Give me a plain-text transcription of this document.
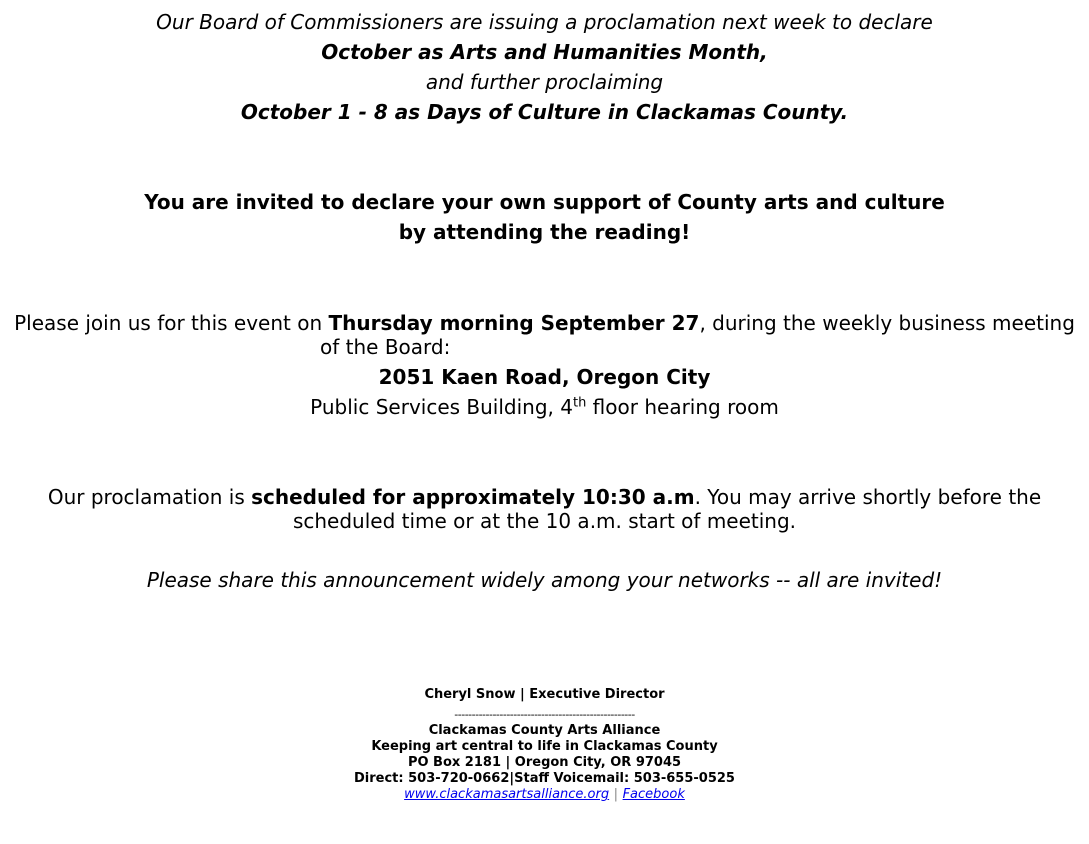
Our Board of Commissioners are issuing a proclamation next week to declare
October as Arts and Humanities Month,
and further proclaiming
October 1 - 8 as Days of Culture in Clackamas County.
You are invited to declare your own support of County arts and culture
by attending the reading!
Please join us for this event on Thursday morning September 27, during the weekly business meeting
of the Board:
2051 Kaen Road, Oregon City
Public Services Building, 4th floor hearing room
Our proclamation is scheduled for approximately 10:30 a.m. You may arrive shortly before the
scheduled time or at the 10 a.m. start of meeting.
Please share this announcement widely among your networks -- all are invited!
Cheryl Snow | Executive Director
----------------------------------------------------
Clackamas County Arts Alliance
Keeping art central to life in Clackamas County
PO Box 2181 | Oregon City, OR 97045
Direct: 503-720-0662|Staff Voicemail: 503-655-0525
www.clackamasartsalliance.org | Facebook
